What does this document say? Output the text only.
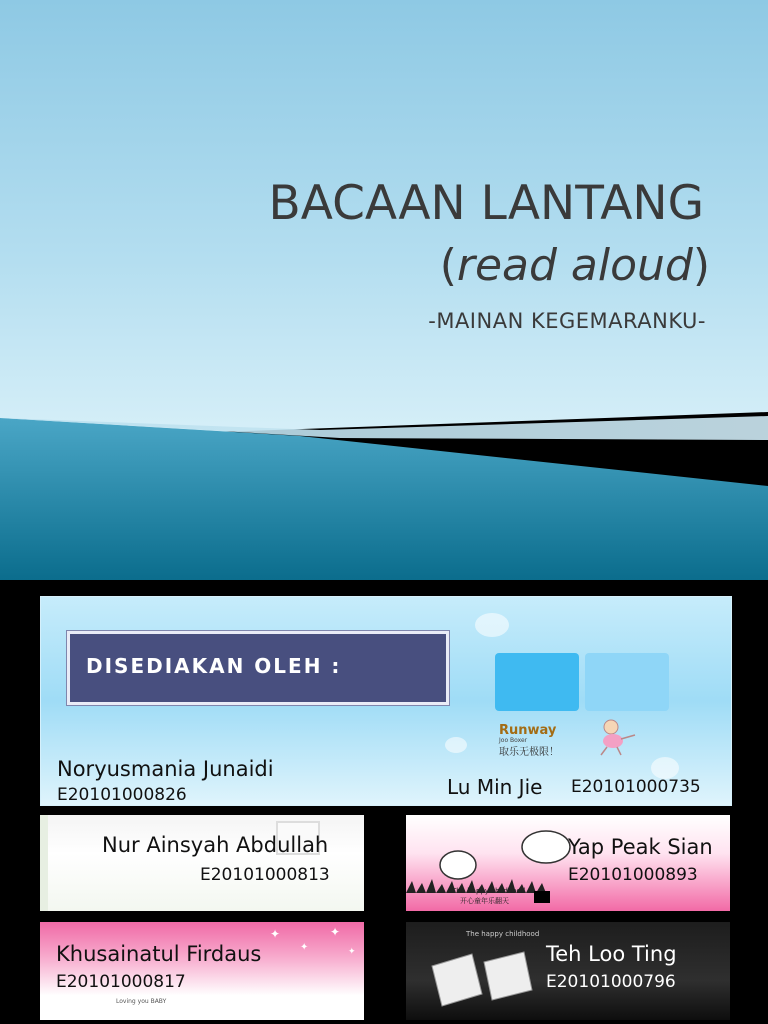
BACAAN LANTANG
(read aloud)
-MAINAN KEGEMARANKU-
DISEDIAKAN OLEH :
Runway
Joo Boxer
取乐无极限！
Noryusmania Junaidi
E20101000826	Lu Min Jie E20101000735
Nur Ainsyah Abdullah
E20101000813
The happy childhood
开心童年乐翻天
Yap Peak Sian
E20101000893
✦
✦
✦
✦
Loving you BABY
Khusainatul Firdaus
E20101000817
The happy childhood
Teh Loo Ting
E20101000796
